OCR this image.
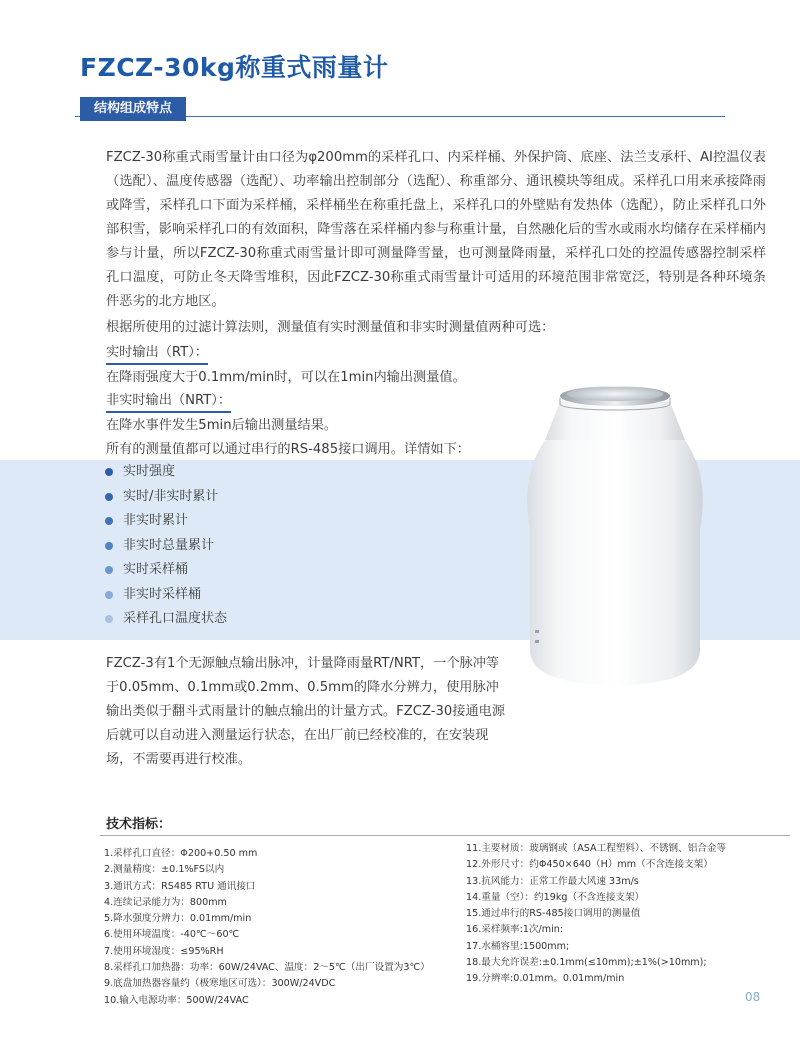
FZCZ-30kg称重式雨量计
结构组成特点
FZCZ-30称重式雨雪量计由口径为φ200mm的采样孔口、内采样桶、外保护筒、底座、法兰支承杆、AI控温仪表（选配）、温度传感器（选配）、功率输出控制部分（选配）、称重部分、通讯模块等组成。采样孔口用来承接降雨或降雪，采样孔口下面为采样桶，采样桶坐在称重托盘上，采样孔口的外壁贴有发热体（选配），防止采样孔口外部积雪，影响采样孔口的有效面积，降雪落在采样桶内参与称重计量，自然融化后的雪水或雨水均储存在采样桶内参与计量，所以FZCZ-30称重式雨雪量计即可测量降雪量，也可测量降雨量，采样孔口处的控温传感器控制采样孔口温度，可防止冬天降雪堆积，因此FZCZ-30称重式雨雪量计可适用的环境范围非常宽泛，特别是各种环境条件恶劣的北方地区。
根据所使用的过滤计算法则，测量值有实时测量值和非实时测量值两种可选：
实时输出（RT）：
在降雨强度大于0.1mm/min时，可以在1min内输出测量值。
非实时输出（NRT）：
在降水事件发生5min后输出测量结果。
所有的测量值都可以通过串行的RS-485接口调用。详情如下：
实时强度
实时/非实时累计
非实时累计
非实时总量累计
实时采样桶
非实时采样桶
采样孔口温度状态
FZCZ-3有1个无源触点输出脉冲，计量降雨量RT/NRT，一个脉冲等于0.05mm、0.1mm或0.2mm、0.5mm的降水分辨力，使用脉冲输出类似于翻斗式雨量计的触点输出的计量方式。FZCZ-30接通电源后就可以自动进入测量运行状态，在出厂前已经校准的，在安装现场，不需要再进行校准。
技术指标：
1.采样孔口直径：Φ200+0.50 mm
2.测量精度：±0.1%FS以内
3.通讯方式：RS485 RTU 通讯接口
4.连续记录能力为：800mm
5.降水强度分辨力：0.01mm/min
6.使用环境温度：-40℃～60℃
7.使用环境湿度：≤95%RH
8.采样孔口加热器：功率：60W/24VAC、温度：2～5℃（出厂设置为3℃）
9.底盘加热器容量约（极寒地区可选）：300W/24VDC
10.输入电源功率：500W/24VAC
11.主要材质：玻璃钢或（ASA工程塑料）、不锈钢、铝合金等
12.外形尺寸：约Φ450×640（H）mm（不含连接支架）
13.抗风能力：正常工作最大风速 33m/s
14.重量（空）：约19kg（不含连接支架）
15.通过串行的RS-485接口调用的测量值
16.采样频率:1次/min:
17.水桶容里:1500mm;
18.最大允许误差:±0.1mm(≤10mm);±1%(>10mm);
19.分辨率:0.01mm。0.01mm/min
08
